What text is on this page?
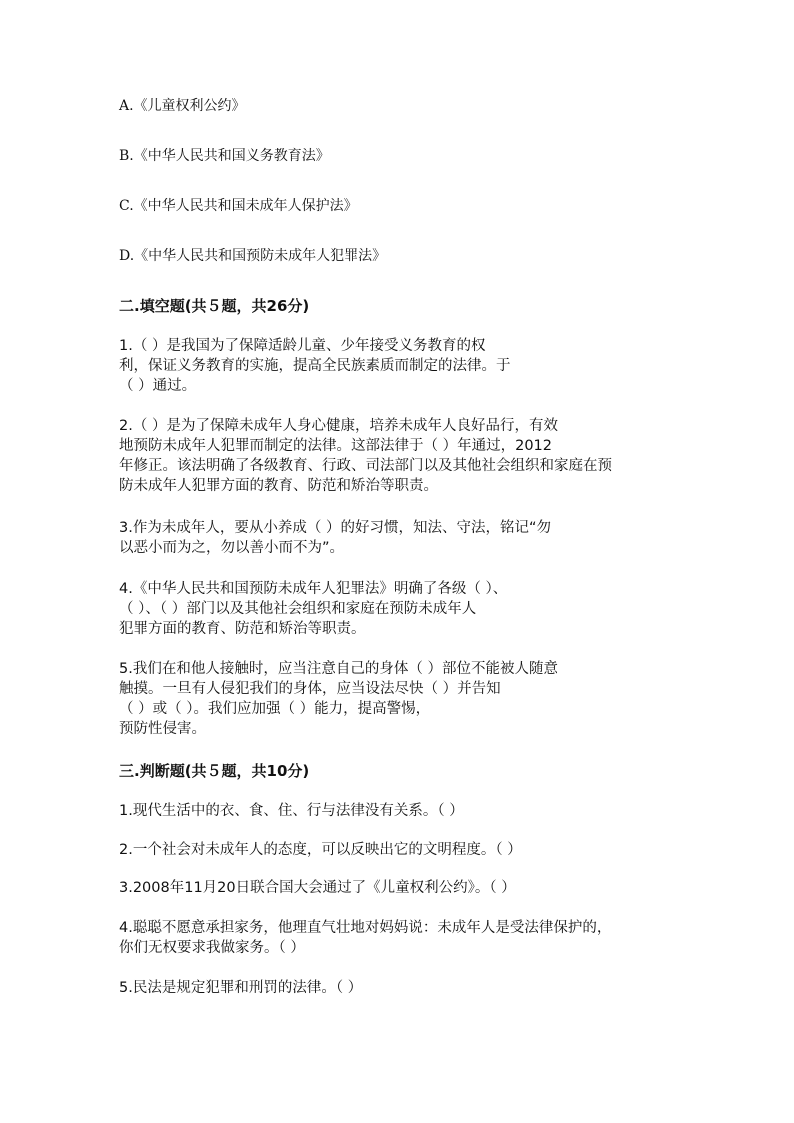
A.《儿童权利公约》
B.《中华人民共和国义务教育法》
C.《中华人民共和国未成年人保护法》
D.《中华人民共和国预防未成年人犯罪法》
二.填空题(共５题，共26分)
1.（ ）是我国为了保障适龄儿童、少年接受义务教育的权
利，保证义务教育的实施，提高全民族素质而制定的法律。于
（ ）通过。
2.（ ）是为了保障未成年人身心健康，培养未成年人良好品行，有效
地预防未成年人犯罪而制定的法律。这部法律于（ ）年通过，2012
年修正。该法明确了各级教育、行政、司法部门以及其他社会组织和家庭在预
防未成年人犯罪方面的教育、防范和矫治等职责。
3.作为未成年人，要从小养成（ ）的好习惯，知法、守法，铭记“勿
以恶小而为之，勿以善小而不为”。
4.《中华人民共和国预防未成年人犯罪法》明确了各级（ ）、
（ ）、（ ）部门以及其他社会组织和家庭在预防未成年人
犯罪方面的教育、防范和矫治等职责。
5.我们在和他人接触时，应当注意自己的身体（ ）部位不能被人随意
触摸。一旦有人侵犯我们的身体，应当设法尽快（ ）并告知
（ ）或（ ）。我们应加强（ ）能力，提高警惕，
预防性侵害。
三.判断题(共５题，共10分)
1.现代生活中的衣、食、住、行与法律没有关系。（ ）
2.一个社会对未成年人的态度，可以反映出它的文明程度。（ ）
3.2008年11月20日联合国大会通过了《儿童权利公约》。（ ）
4.聪聪不愿意承担家务，他理直气壮地对妈妈说：未成年人是受法律保护的，
你们无权要求我做家务。（ ）
5.民法是规定犯罪和刑罚的法律。（ ）
